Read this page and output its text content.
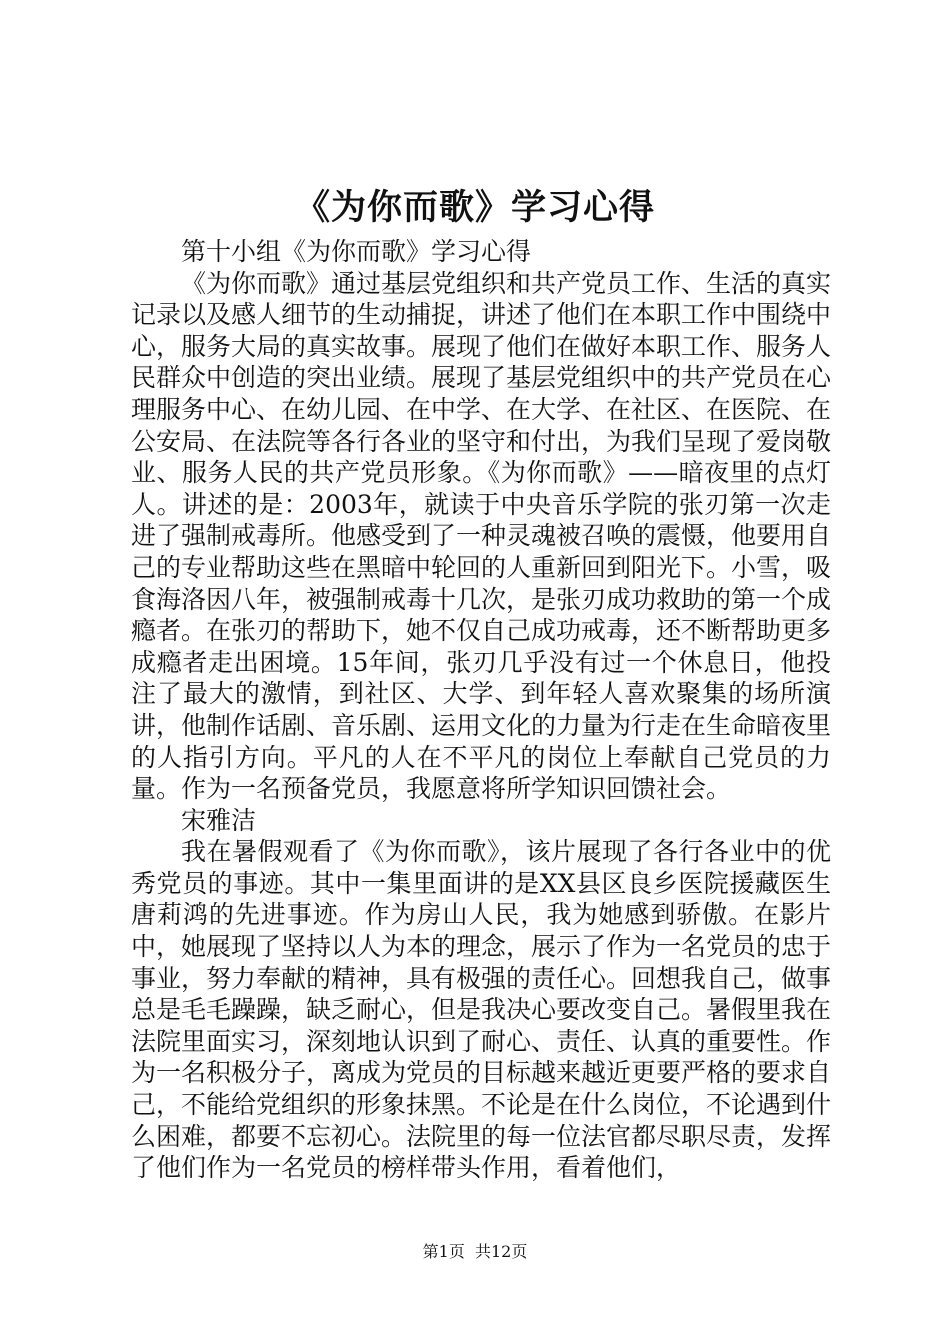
《为你而歌》学习心得

第十小组《为你而歌》学习心得

《为你而歌》通过基层党组织和共产党员工作、生活的真实记录以及感人细节的生动捕捉，讲述了他们在本职工作中围绕中心，服务大局的真实故事。展现了他们在做好本职工作、服务人民群众中创造的突出业绩。展现了基层党组织中的共产党员在心理服务中心、在幼儿园、在中学、在大学、在社区、在医院、在公安局、在法院等各行各业的坚守和付出，为我们呈现了爱岗敬业、服务人民的共产党员形象。《为你而歌》——暗夜里的点灯人。讲述的是：2003年，就读于中央音乐学院的张刃第一次走进了强制戒毒所。他感受到了一种灵魂被召唤的震慑，他要用自己的专业帮助这些在黑暗中轮回的人重新回到阳光下。小雪，吸食海洛因八年，被强制戒毒十几次，是张刃成功救助的第一个成瘾者。在张刃的帮助下，她不仅自己成功戒毒，还不断帮助更多成瘾者走出困境。15年间，张刃几乎没有过一个休息日，他投注了最大的激情，到社区、大学、到年轻人喜欢聚集的场所演讲，他制作话剧、音乐剧、运用文化的力量为行走在生命暗夜里的人指引方向。平凡的人在不平凡的岗位上奉献自己党员的力量。作为一名预备党员，我愿意将所学知识回馈社会。

宋雅洁

我在暑假观看了《为你而歌》，该片展现了各行各业中的优秀党员的事迹。其中一集里面讲的是XX县区良乡医院援藏医生唐莉鸿的先进事迹。作为房山人民，我为她感到骄傲。在影片中，她展现了坚持以人为本的理念，展示了作为一名党员的忠于事业，努力奉献的精神，具有极强的责任心。回想我自己，做事总是毛毛躁躁，缺乏耐心，但是我决心要改变自己。暑假里我在法院里面实习，深刻地认识到了耐心、责任、认真的重要性。作为一名积极分子，离成为党员的目标越来越近更要严格的要求自己，不能给党组织的形象抹黑。不论是在什么岗位，不论遇到什么困难，都要不忘初心。法院里的每一位法官都尽职尽责，发挥了他们作为一名党员的榜样带头作用，看着他们，

第1页  共12页
